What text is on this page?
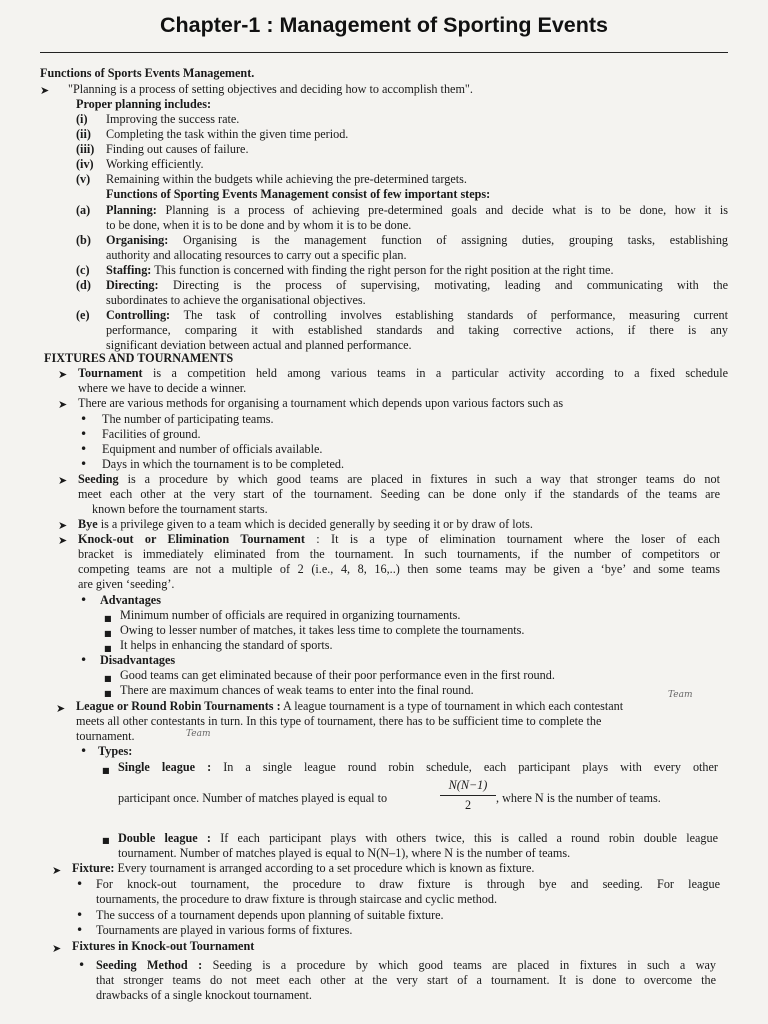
Chapter-1 : Management of Sporting Events
Functions of Sports Events Management.
➤ "Planning is a process of setting objectives and deciding how to accomplish them".
Proper planning includes:
(i) Improving the success rate.
(ii) Completing the task within the given time period.
(iii) Finding out causes of failure.
(iv) Working efficiently.
(v) Remaining within the budgets while achieving the pre-determined targets.
Functions of Sporting Events Management consist of few important steps:
(a) Planning: Planning is a process of achieving pre-determined goals and decide what is to be done, how it is
to be done, when it is to be done and by whom it is to be done.
(b) Organising: Organising is the management function of assigning duties, grouping tasks, establishing
authority and allocating resources to carry out a specific plan.
(c) Staffing: This function is concerned with finding the right person for the right position at the right time.
(d) Directing: Directing is the process of supervising, motivating, leading and communicating with the
subordinates to achieve the organisational objectives.
(e) Controlling: The task of controlling involves establishing standards of performance, measuring current
performance, comparing it with established standards and taking corrective actions, if there is any
significant deviation between actual and planned performance.
FIXTURES AND TOURNAMENTS
➤ Tournament is a competition held among various teams in a particular activity according to a fixed schedule
where we have to decide a winner.
➤ There are various methods for organising a tournament which depends upon various factors such as
• The number of participating teams.
• Facilities of ground.
• Equipment and number of officials available.
• Days in which the tournament is to be completed.
➤ Seeding is a procedure by which good teams are placed in fixtures in such a way that stronger teams do not
meet each other at the very start of the tournament. Seeding can be done only if the standards of the teams are
known before the tournament starts.
➤ Bye is a privilege given to a team which is decided generally by seeding it or by draw of lots.
➤ Knock-out or Elimination Tournament : It is a type of elimination tournament where the loser of each
bracket is immediately eliminated from the tournament. In such tournaments, if the number of competitors or
competing teams are not a multiple of 2 (i.e., 4, 8, 16,..) then some teams may be given a ‘bye’ and some teams
are given ‘seeding’.
• Advantages
■ Minimum number of officials are required in organizing tournaments.
■ Owing to lesser number of matches, it takes less time to complete the tournaments.
■ It helps in enhancing the standard of sports.
• Disadvantages
■ Good teams can get eliminated because of their poor performance even in the first round.
■ There are maximum chances of weak teams to enter into the final round.	Team
➤ League or Round Robin Tournaments : A league tournament is a type of tournament in which each contestant
meets all other contestants in turn. In this type of tournament, there has to be sufficient time to complete the
Team
tournament.
• Types:
■ Single league : In a single league round robin schedule, each participant plays with every other
participant once. Number of matches played is equal to
N(N−1)
2	, where N is the number of teams.
■ Double league : If each participant plays with others twice, this is called a round robin double league
tournament. Number of matches played is equal to N(N–1), where N is the number of teams.
➤ Fixture: Every tournament is arranged according to a set procedure which is known as fixture.
• For knock-out tournament, the procedure to draw fixture is through bye and seeding. For league
tournaments, the procedure to draw fixture is through staircase and cyclic method.
• The success of a tournament depends upon planning of suitable fixture.
• Tournaments are played in various forms of fixtures.
➤ Fixtures in Knock-out Tournament
• Seeding Method : Seeding is a procedure by which good teams are placed in fixtures in such a way
that stronger teams do not meet each other at the very start of a tournament. It is done to overcome the
drawbacks of a single knockout tournament.
